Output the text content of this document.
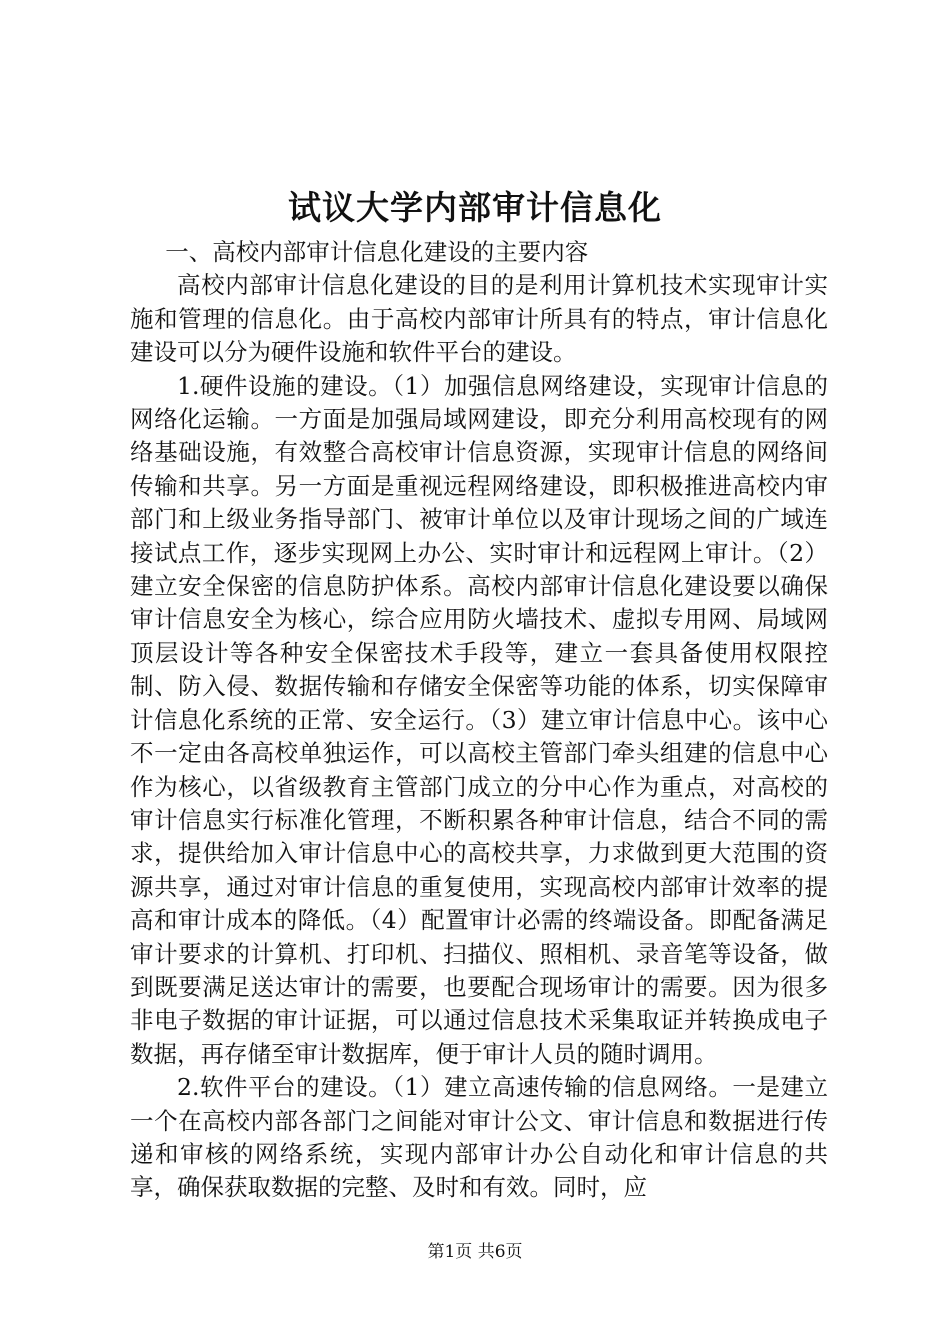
试议大学内部审计信息化

一、高校内部审计信息化建设的主要内容

高校内部审计信息化建设的目的是利用计算机技术实现审计实施和管理的信息化。由于高校内部审计所具有的特点，审计信息化建设可以分为硬件设施和软件平台的建设。

1.硬件设施的建设。（1）加强信息网络建设，实现审计信息的网络化运输。一方面是加强局域网建设，即充分利用高校现有的网络基础设施，有效整合高校审计信息资源，实现审计信息的网络间传输和共享。另一方面是重视远程网络建设，即积极推进高校内审部门和上级业务指导部门、被审计单位以及审计现场之间的广域连接试点工作，逐步实现网上办公、实时审计和远程网上审计。（2）建立安全保密的信息防护体系。高校内部审计信息化建设要以确保审计信息安全为核心，综合应用防火墙技术、虚拟专用网、局域网顶层设计等各种安全保密技术手段等，建立一套具备使用权限控制、防入侵、数据传输和存储安全保密等功能的体系，切实保障审计信息化系统的正常、安全运行。（3）建立审计信息中心。该中心不一定由各高校单独运作，可以高校主管部门牵头组建的信息中心作为核心，以省级教育主管部门成立的分中心作为重点，对高校的审计信息实行标准化管理，不断积累各种审计信息，结合不同的需求，提供给加入审计信息中心的高校共享，力求做到更大范围的资源共享，通过对审计信息的重复使用，实现高校内部审计效率的提高和审计成本的降低。（4）配置审计必需的终端设备。即配备满足审计要求的计算机、打印机、扫描仪、照相机、录音笔等设备，做到既要满足送达审计的需要，也要配合现场审计的需要。因为很多非电子数据的审计证据，可以通过信息技术采集取证并转换成电子数据，再存储至审计数据库，便于审计人员的随时调用。

2.软件平台的建设。（1）建立高速传输的信息网络。一是建立一个在高校内部各部门之间能对审计公文、审计信息和数据进行传递和审核的网络系统，实现内部审计办公自动化和审计信息的共享，确保获取数据的完整、及时和有效。同时，应

第1页 共6页
